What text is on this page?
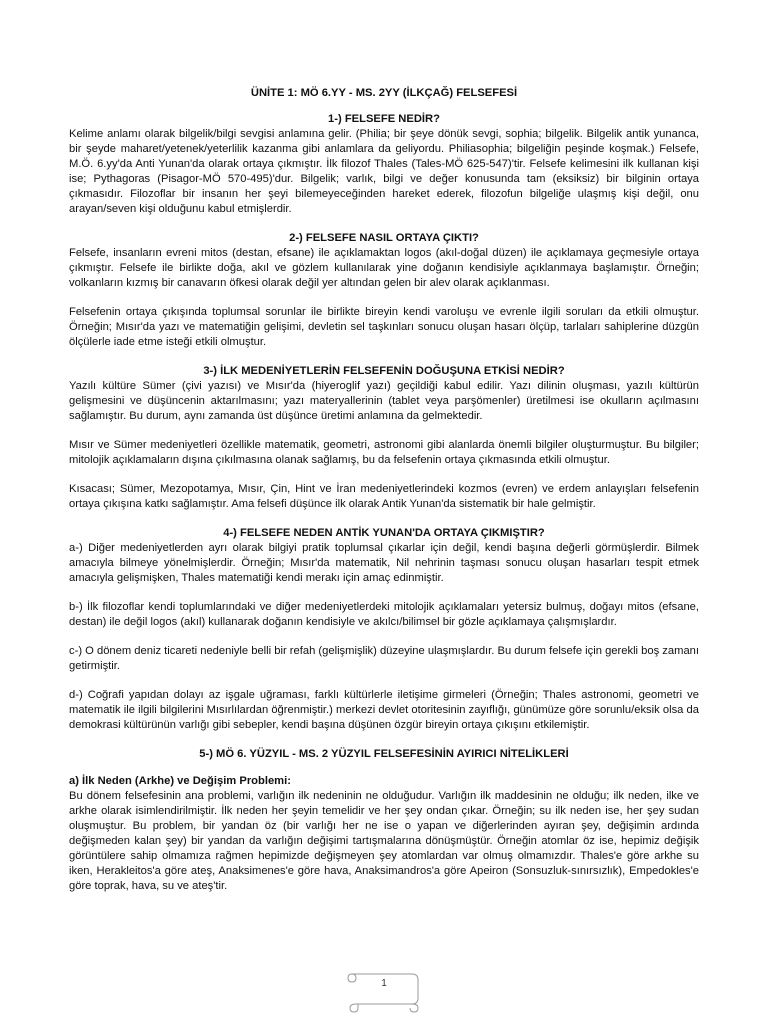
ÜNİTE 1: MÖ 6.YY - MS. 2YY (İLKÇAĞ) FELSEFESİ
1-) FELSEFE NEDİR?

Kelime anlamı olarak bilgelik/bilgi sevgisi anlamına gelir. (Philia; bir şeye dönük sevgi, sophia; bilgelik. Bilgelik antik yunanca, bir şeyde maharet/yetenek/yeterlilik kazanma gibi anlamlara da geliyordu. Philiasophia; bilgeliğin peşinde koşmak.) Felsefe, M.Ö. 6.yy'da Anti Yunan'da olarak ortaya çıkmıştır. İlk filozof Thales (Tales-MÖ 625-547)'tir. Felsefe kelimesini ilk kullanan kişi ise; Pythagoras (Pisagor-MÖ 570-495)'dur. Bilgelik; varlık, bilgi ve değer konusunda tam (eksiksiz) bir bilginin ortaya çıkmasıdır. Filozoflar bir insanın her şeyi bilemeyeceğinden hareket ederek, filozofun bilgeliğe ulaşmış kişi değil, onu arayan/seven kişi olduğunu kabul etmişlerdir.

2-) FELSEFE NASIL ORTAYA ÇIKTI?

Felsefe, insanların evreni mitos (destan, efsane) ile açıklamaktan logos (akıl-doğal düzen) ile açıklamaya geçmesiyle ortaya çıkmıştır. Felsefe ile birlikte doğa, akıl ve gözlem kullanılarak yine doğanın kendisiyle açıklanmaya başlamıştır. Örneğin; volkanların kızmış bir canavarın öfkesi olarak değil yer altından gelen bir alev olarak açıklanması.

Felsefenin ortaya çıkışında toplumsal sorunlar ile birlikte bireyin kendi varoluşu ve evrenle ilgili soruları da etkili olmuştur. Örneğin; Mısır'da yazı ve matematiğin gelişimi, devletin sel taşkınları sonucu oluşan hasarı ölçüp, tarlaları sahiplerine düzgün ölçülerle iade etme isteği etkili olmuştur.

3-) İLK MEDENİYETLERİN FELSEFENİN DOĞUŞUNA ETKİSİ NEDİR?

Yazılı kültüre Sümer (çivi yazısı) ve Mısır'da (hiyeroglif yazı) geçildiği kabul edilir. Yazı dilinin oluşması, yazılı kültürün gelişmesini ve düşüncenin aktarılmasını; yazı materyallerinin (tablet veya parşömenler) üretilmesi ise okulların açılmasını sağlamıştır. Bu durum, aynı zamanda üst düşünce üretimi anlamına da gelmektedir.

Mısır ve Sümer medeniyetleri özellikle matematik, geometri, astronomi gibi alanlarda önemli bilgiler oluşturmuştur. Bu bilgiler; mitolojik açıklamaların dışına çıkılmasına olanak sağlamış, bu da felsefenin ortaya çıkmasında etkili olmuştur.

Kısacası; Sümer, Mezopotamya, Mısır, Çin, Hint ve İran medeniyetlerindeki kozmos (evren) ve erdem anlayışları felsefenin ortaya çıkışına katkı sağlamıştır. Ama felsefi düşünce ilk olarak Antik Yunan'da sistematik bir hale gelmiştir.

4-) FELSEFE NEDEN ANTİK YUNAN'DA ORTAYA ÇIKMIŞTIR?

a-) Diğer medeniyetlerden ayrı olarak bilgiyi pratik toplumsal çıkarlar için değil, kendi başına değerli görmüşlerdir. Bilmek amacıyla bilmeye yönelmişlerdir. Örneğin; Mısır'da matematik, Nil nehrinin taşması sonucu oluşan hasarları tespit etmek amacıyla gelişmişken, Thales matematiği kendi merakı için amaç edinmiştir.

b-) İlk filozoflar kendi toplumlarındaki ve diğer medeniyetlerdeki mitolojik açıklamaları yetersiz bulmuş, doğayı mitos (efsane, destan) ile değil logos (akıl) kullanarak doğanın kendisiyle ve akılcı/bilimsel bir gözle açıklamaya çalışmışlardır.

c-) O dönem deniz ticareti nedeniyle belli bir refah (gelişmişlik) düzeyine ulaşmışlardır. Bu durum felsefe için gerekli boş zamanı getirmiştir.

d-) Coğrafi yapıdan dolayı az işgale uğraması, farklı kültürlerle iletişime girmeleri (Örneğin; Thales astronomi, geometri ve matematik ile ilgili bilgilerini Mısırlılardan öğrenmiştir.) merkezi devlet otoritesinin zayıflığı, günümüze göre sorunlu/eksik olsa da demokrasi kültürünün varlığı gibi sebepler, kendi başına düşünen özgür bireyin ortaya çıkışını etkilemiştir.

5-) MÖ 6. YÜZYIL - MS. 2 YÜZYIL FELSEFESİNİN AYIRICI NİTELİKLERİ
a) İlk Neden (Arkhe) ve Değişim Problemi:

Bu dönem felsefesinin ana problemi, varlığın ilk nedeninin ne olduğudur. Varlığın ilk maddesinin ne olduğu; ilk neden, ilke ve arkhe olarak isimlendirilmiştir. İlk neden her şeyin temelidir ve her şey ondan çıkar. Örneğin; su ilk neden ise, her şey sudan oluşmuştur. Bu problem, bir yandan öz (bir varlığı her ne ise o yapan ve diğerlerinden ayıran şey, değişimin ardında değişmeden kalan şey) bir yandan da varlığın değişimi tartışmalarına dönüşmüştür. Örneğin atomlar öz ise, hepimiz değişik görüntülere sahip olmamıza rağmen hepimizde değişmeyen şey atomlardan var olmuş olmamızdır. Thales'e göre arkhe su iken, Herakleitos'a göre ateş, Anaksimenes'e göre hava, Anaksimandros'a göre Apeiron (Sonsuzluk-sınırsızlık), Empedokles'e göre toprak, hava, su ve ateş'tir.

1
